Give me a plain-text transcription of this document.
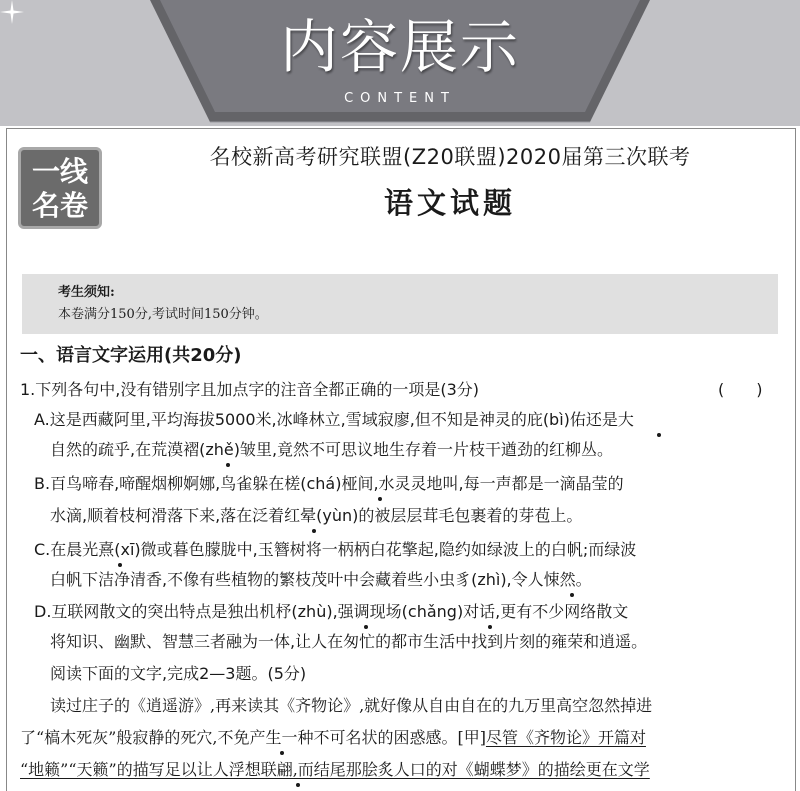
内容展示
CONTENT
一线
名卷
名校新高考研究联盟(Z20联盟)2020届第三次联考
语文试题
考生须知:
本卷满分150分,考试时间150分钟。
一、语言文字运用(共20分)
1.下列各句中,没有错别字且加点字的注音全都正确的一项是(3分)	(　　)
A.这是西藏阿里,平均海拔5000米,冰峰林立,雪域寂廖,但不知是神灵的庇(bì)佑还是大
自然的疏乎,在荒漠褶(zhě)皱里,竟然不可思议地生存着一片枝干遒劲的红柳丛。
B.百鸟啼春,啼醒烟柳婀娜,鸟雀躲在槎(chá)桠间,水灵灵地叫,每一声都是一滴晶莹的
水滴,顺着枝柯滑落下来,落在泛着红晕(yùn)的被层层茸毛包裹着的芽苞上。
C.在晨光熹(xī)微或暮色朦胧中,玉簪树将一柄柄白花擎起,隐约如绿波上的白帆;而绿波
白帆下洁净清香,不像有些植物的繁枝茂叶中会藏着些小虫豸(zhì),令人悚然。
D.互联网散文的突出特点是独出机杼(zhù),强调现场(chǎng)对话,更有不少网络散文
将知识、幽默、智慧三者融为一体,让人在匆忙的都市生活中找到片刻的雍荣和逍遥。
阅读下面的文字,完成2—3题。(5分)
读过庄子的《逍遥游》,再来读其《齐物论》,就好像从自由自在的九万里高空忽然掉进
了“槁木死灰”般寂静的死穴,不免产生一种不可名状的困惑感。[甲]尽管《齐物论》开篇对
“地籁”“天籁”的描写足以让人浮想联翩,而结尾那脍炙人口的对《蝴蝶梦》的描绘更在文学
